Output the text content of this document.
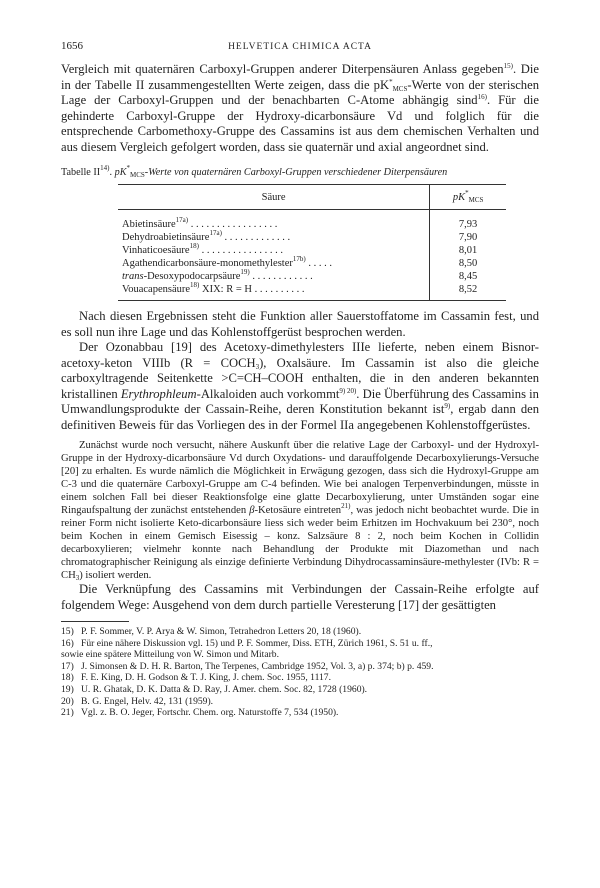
1656	HELVETICA CHIMICA ACTA

Vergleich mit quaternären Carboxyl-Gruppen anderer Diterpensäuren Anlass gegeben$^{15)}$. Die in der Tabelle II zusammengestellten Werte zeigen, dass die $pK^*_{MCS}$-Werte von der sterischen Lage der Carboxyl-Gruppen und der benachbarten C-Atome abhängig sind$^{16)}$. Für die gehinderte Carboxyl-Gruppe der Hydroxy-dicarbonsäure Vd und folglich für die entsprechende Carbomethoxy-Gruppe des Cassamins ist aus dem chemischen Verhalten und aus diesem Vergleich gefolgert worden, dass sie quaternär und axial angeordnet sind.

Tabelle II$^{14)}$. $pK^*_{MCS}$-Werte von quaternären Carboxyl-Gruppen verschiedener Diterpensäuren

Säure	$pK^*_{MCS}$
Abietinsäure$^{17a)}$ . . . . . . . . . . . . . . . . .	7,93
Dehydroabietinsäure$^{17a)}$ . . . . . . . . . . . . .	7,90
Vinhaticoesäure$^{18)}$ . . . . . . . . . . . . . . . .	8,01
Agathendicarbonsäure-monomethylester$^{17b)}$ . . . . .	8,50
trans-Desoxypodocarpsäure$^{19)}$ . . . . . . . . . . . .	8,45
Vouacapensäure$^{18)}$ XIX: R = H . . . . . . . . . .	8,52

Nach diesen Ergebnissen steht die Funktion aller Sauerstoffatome im Cassamin fest, und es soll nun ihre Lage und das Kohlenstoffgerüst besprochen werden.

Der Ozonabbau [19] des Acetoxy-dimethylesters IIIe lieferte, neben einem Bisnor-acetoxy-keton VIIIb $(R = COCH_3)$, Oxalsäure. Im Cassamin ist also die gleiche carboxyltragende Seitenkette >C=CH–COOH enthalten, die in den anderen bekannten kristallinen Erythrophleum-Alkaloiden auch vorkommt$^{9) 20)}$. Die Überführung des Cassamins in Umwandlungsprodukte der Cassain-Reihe, deren Konstitution bekannt ist$^{9)}$, ergab dann den definitiven Beweis für das Vorliegen des in der Formel IIa angegebenen Kohlenstoffgerüstes.

Zunächst wurde noch versucht, nähere Auskunft über die relative Lage der Carboxyl- und der Hydroxyl-Gruppe in der Hydroxy-dicarbonsäure Vd durch Oxydations- und darauffolgende Decarboxylierungs-Versuche [20] zu erhalten. Es wurde nämlich die Möglichkeit in Erwägung gezogen, dass sich die Hydroxyl-Gruppe am C-3 und die quaternäre Carboxyl-Gruppe am C-4 befinden. Wie bei analogen Terpenverbindungen, müsste in einem solchen Fall bei dieser Reaktionsfolge eine glatte Decarboxylierung, unter Umständen sogar eine Ringaufspaltung der zunächst entstehenden β-Ketosäure eintreten$^{21)}$, was jedoch nicht beobachtet wurde. Die in reiner Form nicht isolierte Keto-dicarbonsäure liess sich weder beim Erhitzen im Hochvakuum bei 230°, noch beim Kochen in einem Gemisch Eisessig – konz. Salzsäure 8 : 2, noch beim Kochen in Collidin decarboxylieren; vielmehr konnte nach Behandlung der Produkte mit Diazomethan und nach chromatographischer Reinigung als einzige definierte Verbindung Dihydrocassaminsäure-methylester (IVb: $R = CH_3$) isoliert werden.

Die Verknüpfung des Cassamins mit Verbindungen der Cassain-Reihe erfolgte auf folgendem Wege: Ausgehend von dem durch partielle Veresterung [17] der gesättigten

15) P. F. Sommer, V. P. Arya & W. Simon, Tetrahedron Letters 20, 18 (1960).
16) Für eine nähere Diskussion vgl. 15) und P. F. Sommer, Diss. ETH, Zürich 1961, S. 51 u. ff.,
sowie eine spätere Mitteilung von W. Simon und Mitarb.
17) J. Simonsen & D. H. R. Barton, The Terpenes, Cambridge 1952, Vol. 3, a) p. 374; b) p. 459.
18) F. E. King, D. H. Godson & T. J. King, J. chem. Soc. 1955, 1117.
19) U. R. Ghatak, D. K. Datta & D. Ray, J. Amer. chem. Soc. 82, 1728 (1960).
20) B. G. Engel, Helv. 42, 131 (1959).
21) Vgl. z. B. O. Jeger, Fortschr. Chem. org. Naturstoffe 7, 534 (1950).
